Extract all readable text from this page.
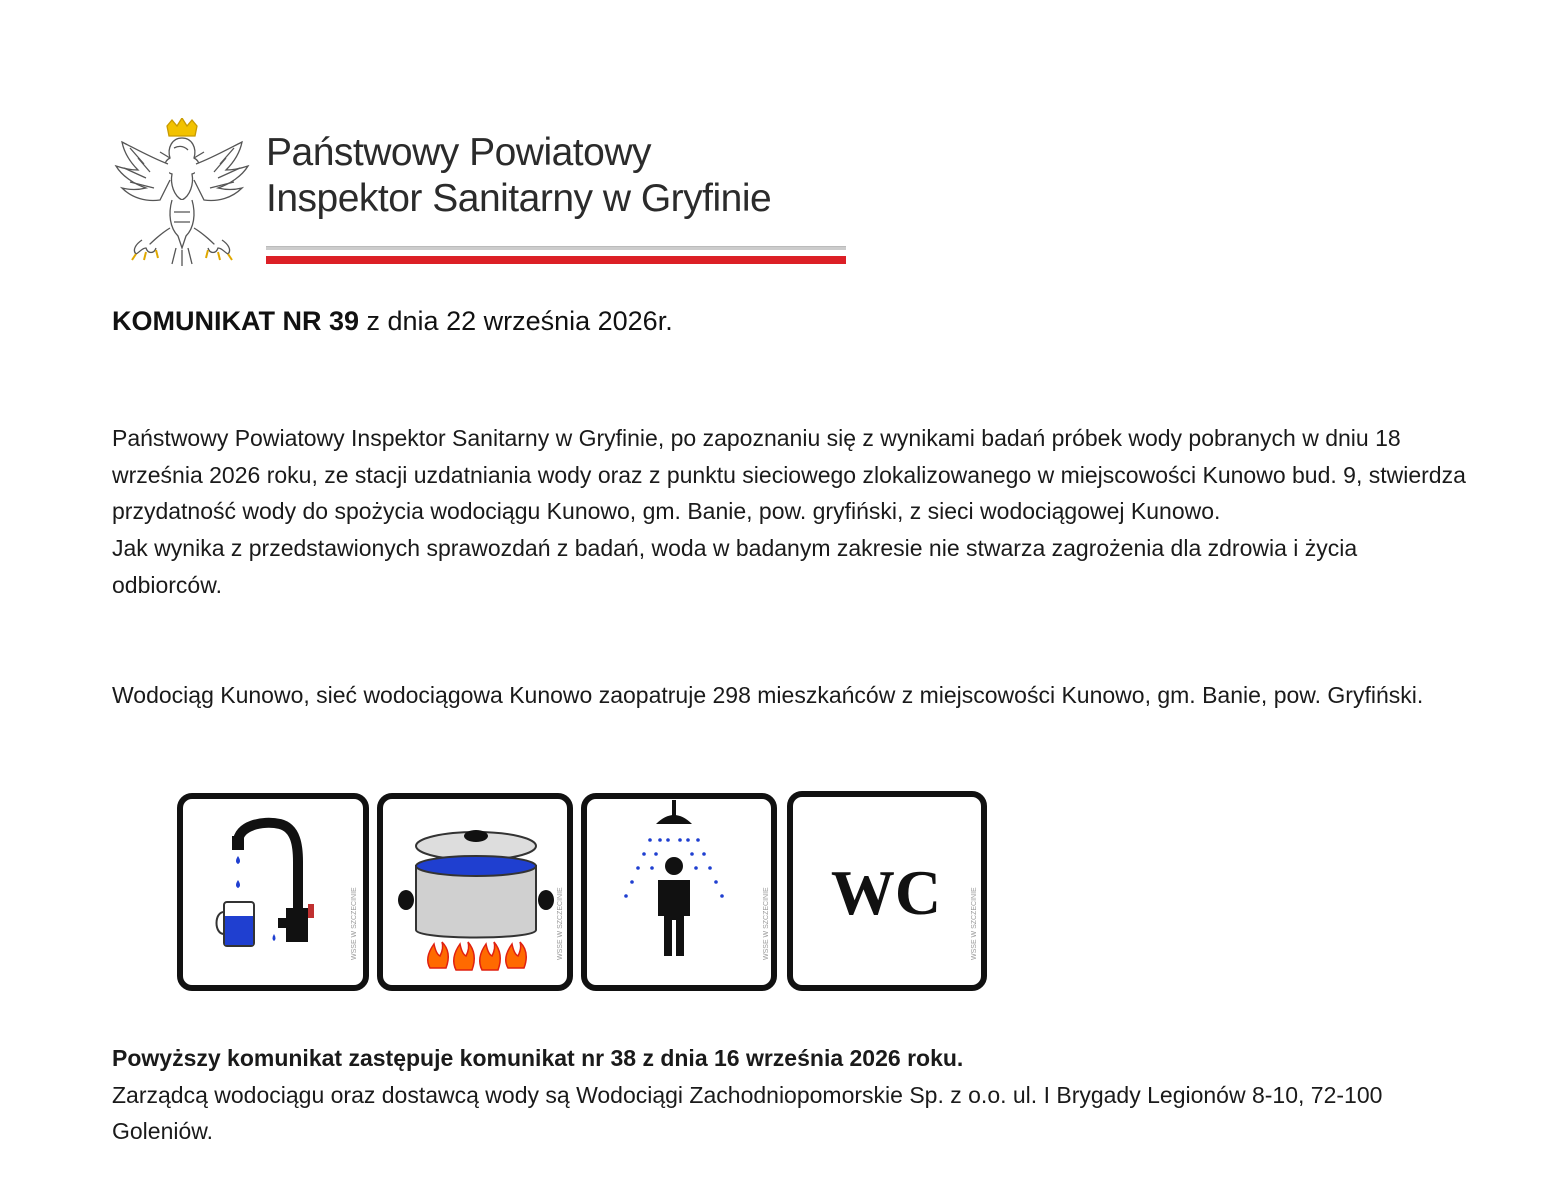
Państwowy Powiatowy
Inspektor Sanitarny w Gryfinie
KOMUNIKAT NR 39 z dnia 22 września 2026r.
Państwowy Powiatowy Inspektor Sanitarny w Gryfinie, po zapoznaniu się z wynikami badań próbek wody pobranych w dniu 18 września 2026 roku, ze stacji uzdatniania wody oraz z punktu sieciowego zlokalizowanego w miejscowości Kunowo bud. 9, stwierdza przydatność wody do spożycia wodociągu Kunowo, gm. Banie, pow. gryfiński, z sieci wodociągowej Kunowo.
Jak wynika z przedstawionych sprawozdań z badań, woda w badanym zakresie nie stwarza zagrożenia dla zdrowia i życia odbiorców.
Wodociąg Kunowo, sieć wodociągowa Kunowo zaopatruje 298 mieszkańców z miejscowości Kunowo, gm. Banie, pow. Gryfiński.
WSSE W SZCZECINIE	WSSE W SZCZECINIE	WSSE W SZCZECINIE WC	WSSE W SZCZECINIE
Powyższy komunikat zastępuje komunikat nr 38 z dnia 16 września 2026 roku.
Zarządcą wodociągu oraz dostawcą wody są Wodociągi Zachodniopomorskie Sp. z o.o. ul. I Brygady Legionów 8-10, 72-100 Goleniów.
